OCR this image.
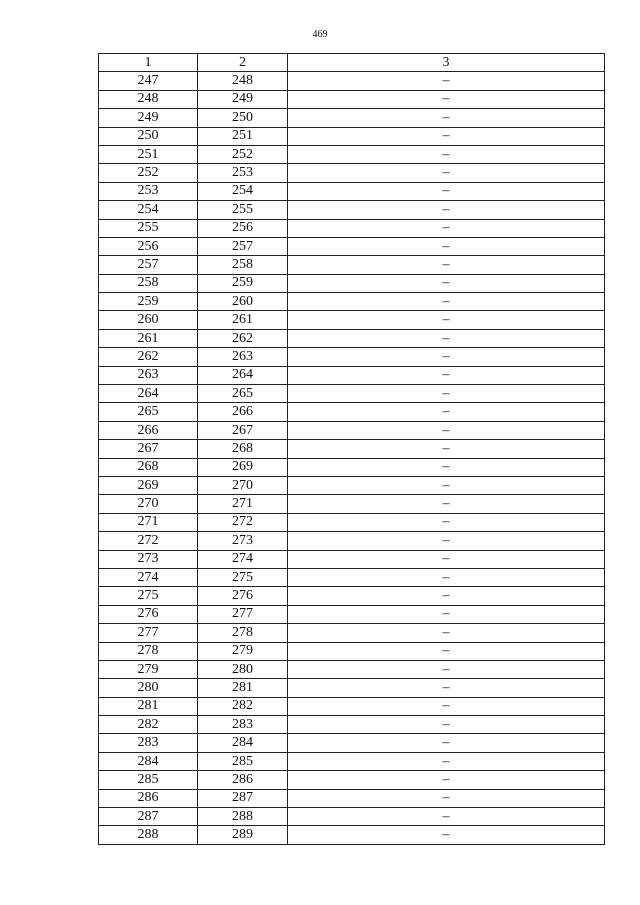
469
1	2	3
247	248	–
248	249	–
249	250	–
250	251	–
251	252	–
252	253	–
253	254	–
254	255	–
255	256	–
256	257	–
257	258	–
258	259	–
259	260	–
260	261	–
261	262	–
262	263	–
263	264	–
264	265	–
265	266	–
266	267	–
267	268	–
268	269	–
269	270	–
270	271	–
271	272	–
272	273	–
273	274	–
274	275	–
275	276	–
276	277	–
277	278	–
278	279	–
279	280	–
280	281	–
281	282	–
282	283	–
283	284	–
284	285	–
285	286	–
286	287	–
287	288	–
288	289	–
